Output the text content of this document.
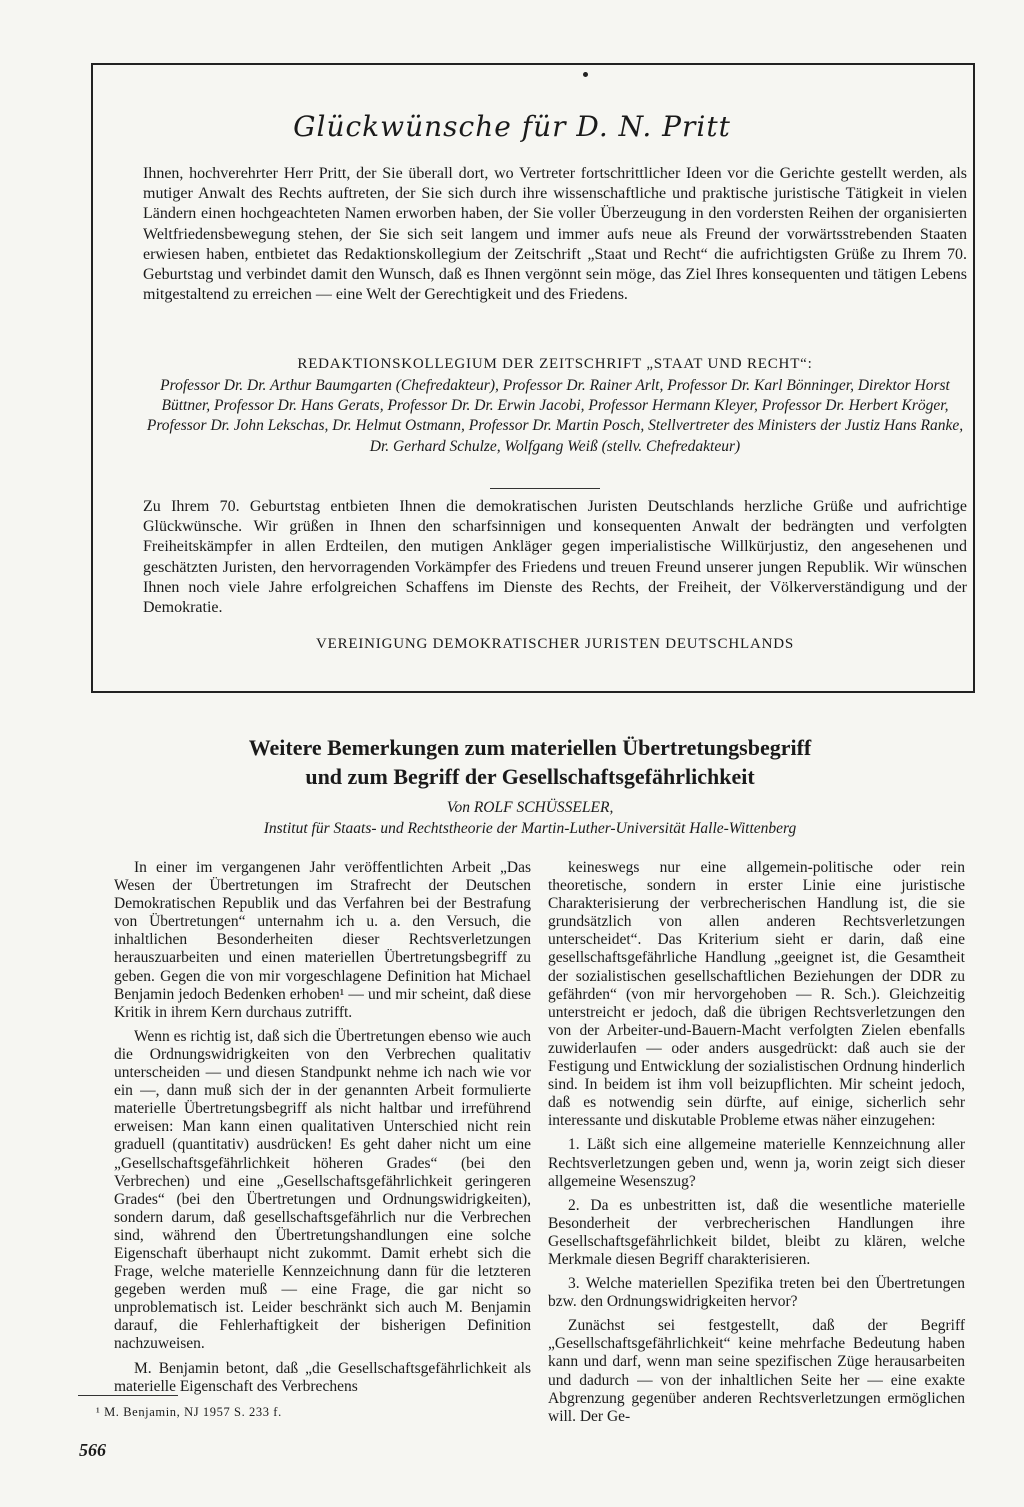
Glückwünsche für D. N. Pritt
Ihnen, hochverehrter Herr Pritt, der Sie überall dort, wo Vertreter fortschrittlicher Ideen vor die Gerichte gestellt werden, als mutiger Anwalt des Rechts auftreten, der Sie sich durch ihre wissenschaftliche und praktische juristische Tätigkeit in vielen Ländern einen hochgeachteten Namen erworben haben, der Sie voller Überzeugung in den vordersten Reihen der organisierten Weltfriedensbewegung stehen, der Sie sich seit langem und immer aufs neue als Freund der vorwärtsstrebenden Staaten erwiesen haben, entbietet das Redaktionskollegium der Zeitschrift „Staat und Recht“ die aufrichtigsten Grüße zu Ihrem 70. Geburtstag und verbindet damit den Wunsch, daß es Ihnen vergönnt sein möge, das Ziel Ihres konsequenten und tätigen Lebens mitgestaltend zu erreichen — eine Welt der Gerechtigkeit und des Friedens.
REDAKTIONSKOLLEGIUM DER ZEITSCHRIFT „STAAT UND RECHT“:
Professor Dr. Dr. Arthur Baumgarten (Chefredakteur), Professor Dr. Rainer Arlt, Professor Dr. Karl Bönninger, Direktor Horst Büttner, Professor Dr. Hans Gerats, Professor Dr. Dr. Erwin Jacobi, Professor Hermann Kleyer, Professor Dr. Herbert Kröger, Professor Dr. John Lekschas, Dr. Helmut Ostmann, Professor Dr. Martin Posch, Stellvertreter des Ministers der Justiz Hans Ranke, Dr. Gerhard Schulze, Wolfgang Weiß (stellv. Chefredakteur)
Zu Ihrem 70. Geburtstag entbieten Ihnen die demokratischen Juristen Deutschlands herzliche Grüße und aufrichtige Glückwünsche. Wir grüßen in Ihnen den scharfsinnigen und konsequenten Anwalt der bedrängten und verfolgten Freiheitskämpfer in allen Erdteilen, den mutigen Ankläger gegen imperialistische Willkürjustiz, den angesehenen und geschätzten Juristen, den hervorragenden Vorkämpfer des Friedens und treuen Freund unserer jungen Republik. Wir wünschen Ihnen noch viele Jahre erfolgreichen Schaffens im Dienste des Rechts, der Freiheit, der Völkerverständigung und der Demokratie.
VEREINIGUNG DEMOKRATISCHER JURISTEN DEUTSCHLANDS
Weitere Bemerkungen zum materiellen Übertretungsbegriff
und zum Begriff der Gesellschaftsgefährlichkeit
Von ROLF SCHÜSSELER,
Institut für Staats- und Rechtstheorie der Martin-Luther-Universität Halle-Wittenberg

In einer im vergangenen Jahr veröffentlichten Arbeit „Das Wesen der Übertretungen im Strafrecht der Deutschen Demokratischen Republik und das Verfahren bei der Bestrafung von Übertretungen“ unternahm ich u. a. den Versuch, die inhaltlichen Besonderheiten dieser Rechtsverletzungen herauszuarbeiten und einen materiellen Übertretungsbegriff zu geben. Gegen die von mir vorgeschlagene Definition hat Michael Benjamin jedoch Bedenken erhoben¹ — und mir scheint, daß diese Kritik in ihrem Kern durchaus zutrifft.

Wenn es richtig ist, daß sich die Übertretungen ebenso wie auch die Ordnungswidrigkeiten von den Verbrechen qualitativ unterscheiden — und diesen Standpunkt nehme ich nach wie vor ein —, dann muß sich der in der genannten Arbeit formulierte materielle Übertretungsbegriff als nicht haltbar und irreführend erweisen: Man kann einen qualitativen Unterschied nicht rein graduell (quantitativ) ausdrücken! Es geht daher nicht um eine „Gesellschaftsgefährlichkeit höheren Grades“ (bei den Verbrechen) und eine „Gesellschaftsgefährlichkeit geringeren Grades“ (bei den Übertretungen und Ordnungswidrigkeiten), sondern darum, daß gesellschaftsgefährlich nur die Verbrechen sind, während den Übertretungshandlungen eine solche Eigenschaft überhaupt nicht zukommt. Damit erhebt sich die Frage, welche materielle Kennzeichnung dann für die letzteren gegeben werden muß — eine Frage, die gar nicht so unproblematisch ist. Leider beschränkt sich auch M. Benjamin darauf, die Fehlerhaftigkeit der bisherigen Definition nachzuweisen.

M. Benjamin betont, daß „die Gesellschaftsgefährlichkeit als materielle Eigenschaft des Verbrechens

keineswegs nur eine allgemein-politische oder rein theoretische, sondern in erster Linie eine juristische Charakterisierung der verbrecherischen Handlung ist, die sie grundsätzlich von allen anderen Rechtsverletzungen unterscheidet“. Das Kriterium sieht er darin, daß eine gesellschaftsgefährliche Handlung „geeignet ist, die Gesamtheit der sozialistischen gesellschaftlichen Beziehungen der DDR zu gefährden“ (von mir hervorgehoben — R. Sch.). Gleichzeitig unterstreicht er jedoch, daß die übrigen Rechtsverletzungen den von der Arbeiter-und-Bauern-Macht verfolgten Zielen ebenfalls zuwiderlaufen — oder anders ausgedrückt: daß auch sie der Festigung und Entwicklung der sozialistischen Ordnung hinderlich sind. In beidem ist ihm voll beizupflichten. Mir scheint jedoch, daß es notwendig sein dürfte, auf einige, sicherlich sehr interessante und diskutable Probleme etwas näher einzugehen:

1. Läßt sich eine allgemeine materielle Kennzeichnung aller Rechtsverletzungen geben und, wenn ja, worin zeigt sich dieser allgemeine Wesenszug?

2. Da es unbestritten ist, daß die wesentliche materielle Besonderheit der verbrecherischen Handlungen ihre Gesellschaftsgefährlichkeit bildet, bleibt zu klären, welche Merkmale diesen Begriff charakterisieren.

3. Welche materiellen Spezifika treten bei den Übertretungen bzw. den Ordnungswidrigkeiten hervor?

Zunächst sei festgestellt, daß der Begriff „Gesellschaftsgefährlichkeit“ keine mehrfache Bedeutung haben kann und darf, wenn man seine spezifischen Züge herausarbeiten und dadurch — von der inhaltlichen Seite her — eine exakte Abgrenzung gegenüber anderen Rechtsverletzungen ermöglichen will. Der Ge-

¹ M. Benjamin, NJ 1957 S. 233 f.
566
